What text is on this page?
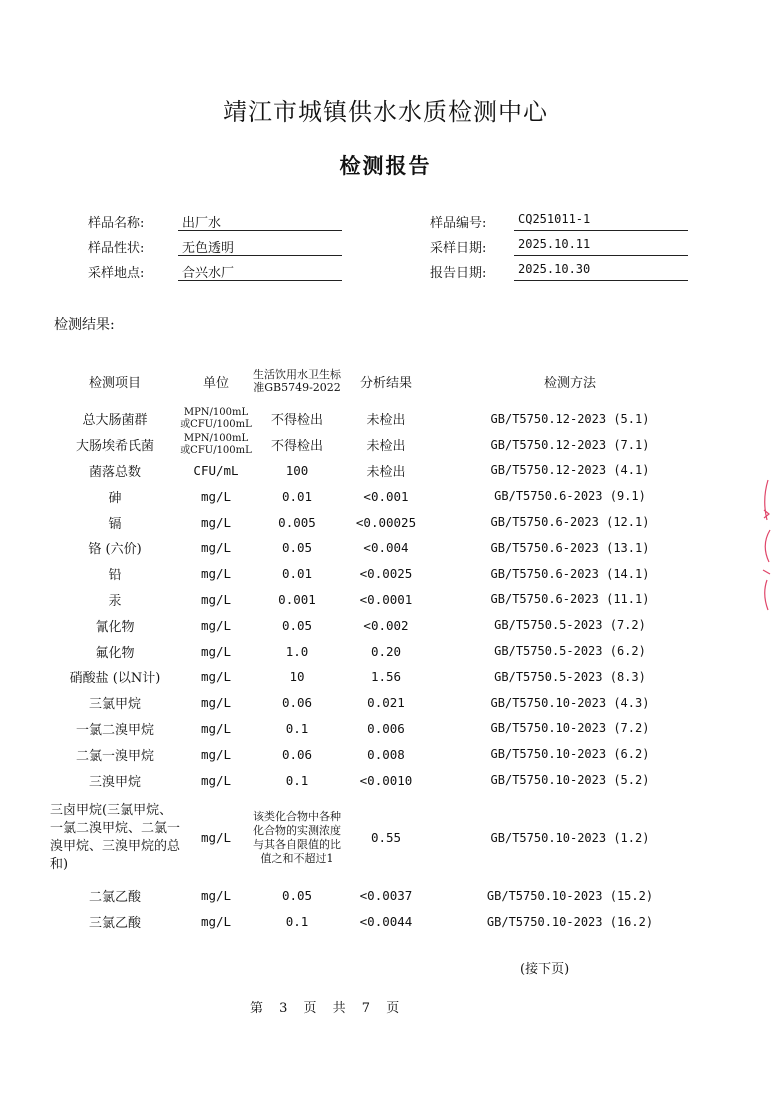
靖江市城镇供水水质检测中心
检测报告
样品名称:	出厂水
样品性状:	无色透明
采样地点:	合兴水厂
样品编号:	CQ251011-1
采样日期:	2025.10.11
报告日期:	2025.10.30
检测结果:
检测项目	单位	生活饮用水卫生标准GB5749-2022	分析结果	检测方法
总大肠菌群	MPN/100mL或CFU/100mL	不得检出	未检出	GB/T5750.12-2023 (5.1)
大肠埃希氏菌	MPN/100mL或CFU/100mL	不得检出	未检出	GB/T5750.12-2023 (7.1)
菌落总数	CFU/mL	100	未检出	GB/T5750.12-2023 (4.1)
砷	mg/L	0.01	<0.001	GB/T5750.6-2023 (9.1)
镉	mg/L	0.005	<0.00025	GB/T5750.6-2023 (12.1)
铬 (六价)	mg/L	0.05	<0.004	GB/T5750.6-2023 (13.1)
铅	mg/L	0.01	<0.0025	GB/T5750.6-2023 (14.1)
汞	mg/L	0.001	<0.0001	GB/T5750.6-2023 (11.1)
氰化物	mg/L	0.05	<0.002	GB/T5750.5-2023 (7.2)
氟化物	mg/L	1.0	0.20	GB/T5750.5-2023 (6.2)
硝酸盐 (以N计)	mg/L	10	1.56	GB/T5750.5-2023 (8.3)
三氯甲烷	mg/L	0.06	0.021	GB/T5750.10-2023 (4.3)
一氯二溴甲烷	mg/L	0.1	0.006	GB/T5750.10-2023 (7.2)
二氯一溴甲烷	mg/L	0.06	0.008	GB/T5750.10-2023 (6.2)
三溴甲烷	mg/L	0.1	<0.0010	GB/T5750.10-2023 (5.2)
三卤甲烷(三氯甲烷、一氯二溴甲烷、二氯一溴甲烷、三溴甲烷的总和)	mg/L	该类化合物中各种化合物的实测浓度与其各自限值的比值之和不超过1	0.55	GB/T5750.10-2023 (1.2)
二氯乙酸	mg/L	0.05	<0.0037	GB/T5750.10-2023 (15.2)
三氯乙酸	mg/L	0.1	<0.0044	GB/T5750.10-2023 (16.2)
(接下页)
第 3 页 共 7 页
